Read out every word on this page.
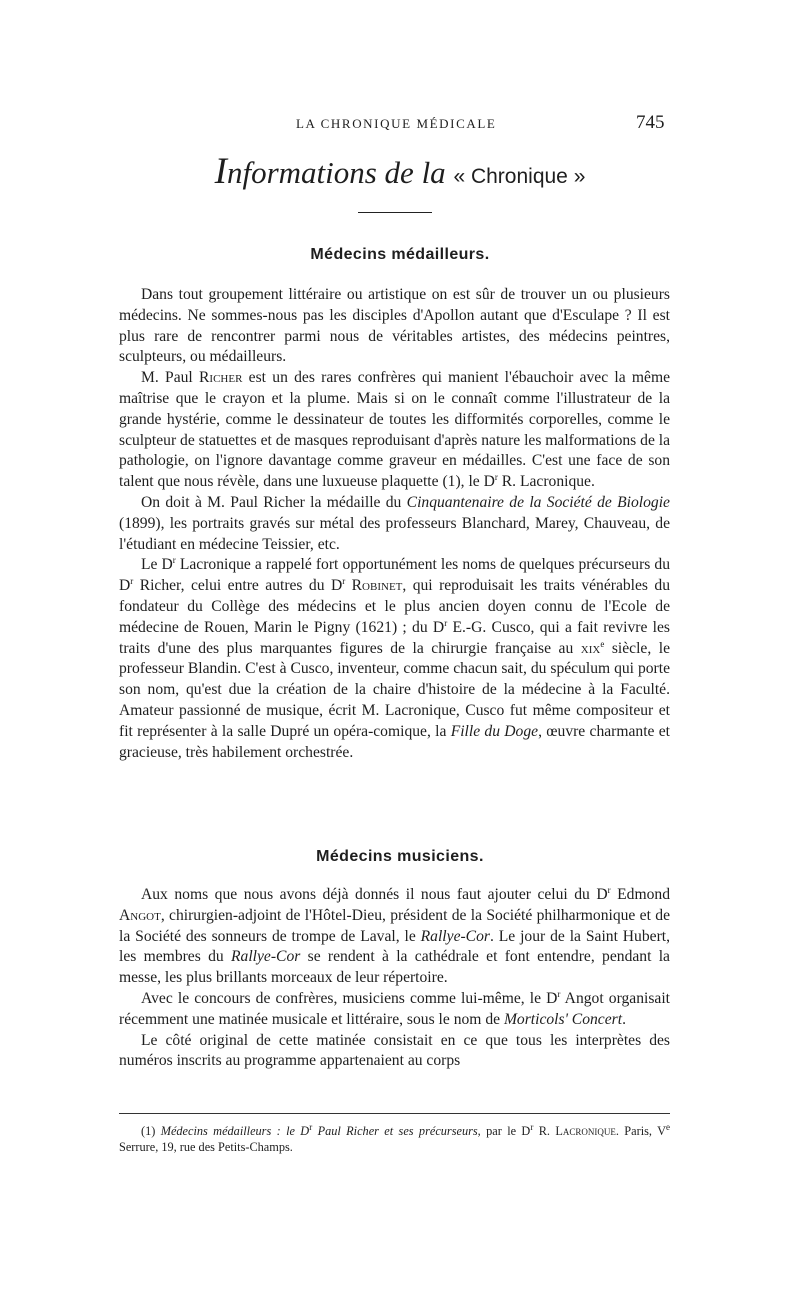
LA CHRONIQUE MÉDICALE	745
Informations de la « Chronique »
Médecins médailleurs.

Dans tout groupement littéraire ou artistique on est sûr de trouver un ou plusieurs médecins. Ne sommes-nous pas les disciples d'Apollon autant que d'Esculape ? Il est plus rare de rencontrer parmi nous de véritables artistes, des médecins peintres, sculpteurs, ou médailleurs.

M. Paul Richer est un des rares confrères qui manient l'ébauchoir avec la même maîtrise que le crayon et la plume. Mais si on le connaît comme l'illustrateur de la grande hystérie, comme le dessinateur de toutes les difformités corporelles, comme le sculpteur de statuettes et de masques reproduisant d'après nature les malformations de la pathologie, on l'ignore davantage comme graveur en médailles. C'est une face de son talent que nous révèle, dans une luxueuse plaquette (1), le $D^r$ R. Lacronique.

On doit à M. Paul Richer la médaille du Cinquantenaire de la Société de Biologie (1899), les portraits gravés sur métal des professeurs Blanchard, Marey, Chauveau, de l'étudiant en médecine Teissier, etc.

Le $D^r$ Lacronique a rappelé fort opportunément les noms de quelques précurseurs du $D^r$ Richer, celui entre autres du $D^r$ Robinet, qui reproduisait les traits vénérables du fondateur du Collège des médecins et le plus ancien doyen connu de l'Ecole de médecine de Rouen, Marin le Pigny (1621) ; du $D^r$ E.-G. Cusco, qui a fait revivre les traits d'une des plus marquantes figures de la chirurgie française au xix$^e$ siècle, le professeur Blandin. C'est à Cusco, inventeur, comme chacun sait, du spéculum qui porte son nom, qu'est due la création de la chaire d'histoire de la médecine à la Faculté. Amateur passionné de musique, écrit M. Lacronique, Cusco fut même compositeur et fit représenter à la salle Dupré un opéra-comique, la Fille du Doge, œuvre charmante et gracieuse, très habilement orchestrée.

Médecins musiciens.

Aux noms que nous avons déjà donnés il nous faut ajouter celui du $D^r$ Edmond Angot, chirurgien-adjoint de l'Hôtel-Dieu, président de la Société philharmonique et de la Société des sonneurs de trompe de Laval, le Rallye-Cor. Le jour de la Saint Hubert, les membres du Rallye-Cor se rendent à la cathédrale et font entendre, pendant la messe, les plus brillants morceaux de leur répertoire.

Avec le concours de confrères, musiciens comme lui-même, le $D^r$ Angot organisait récemment une matinée musicale et littéraire, sous le nom de Morticols' Concert.

Le côté original de cette matinée consistait en ce que tous les interprètes des numéros inscrits au programme appartenaient au corps

(1) Médecins médailleurs : le $D^r$ Paul Richer et ses précurseurs, par le $D^r$ R. Lacronique. Paris, Ve Serrure, 19, rue des Petits-Champs.
